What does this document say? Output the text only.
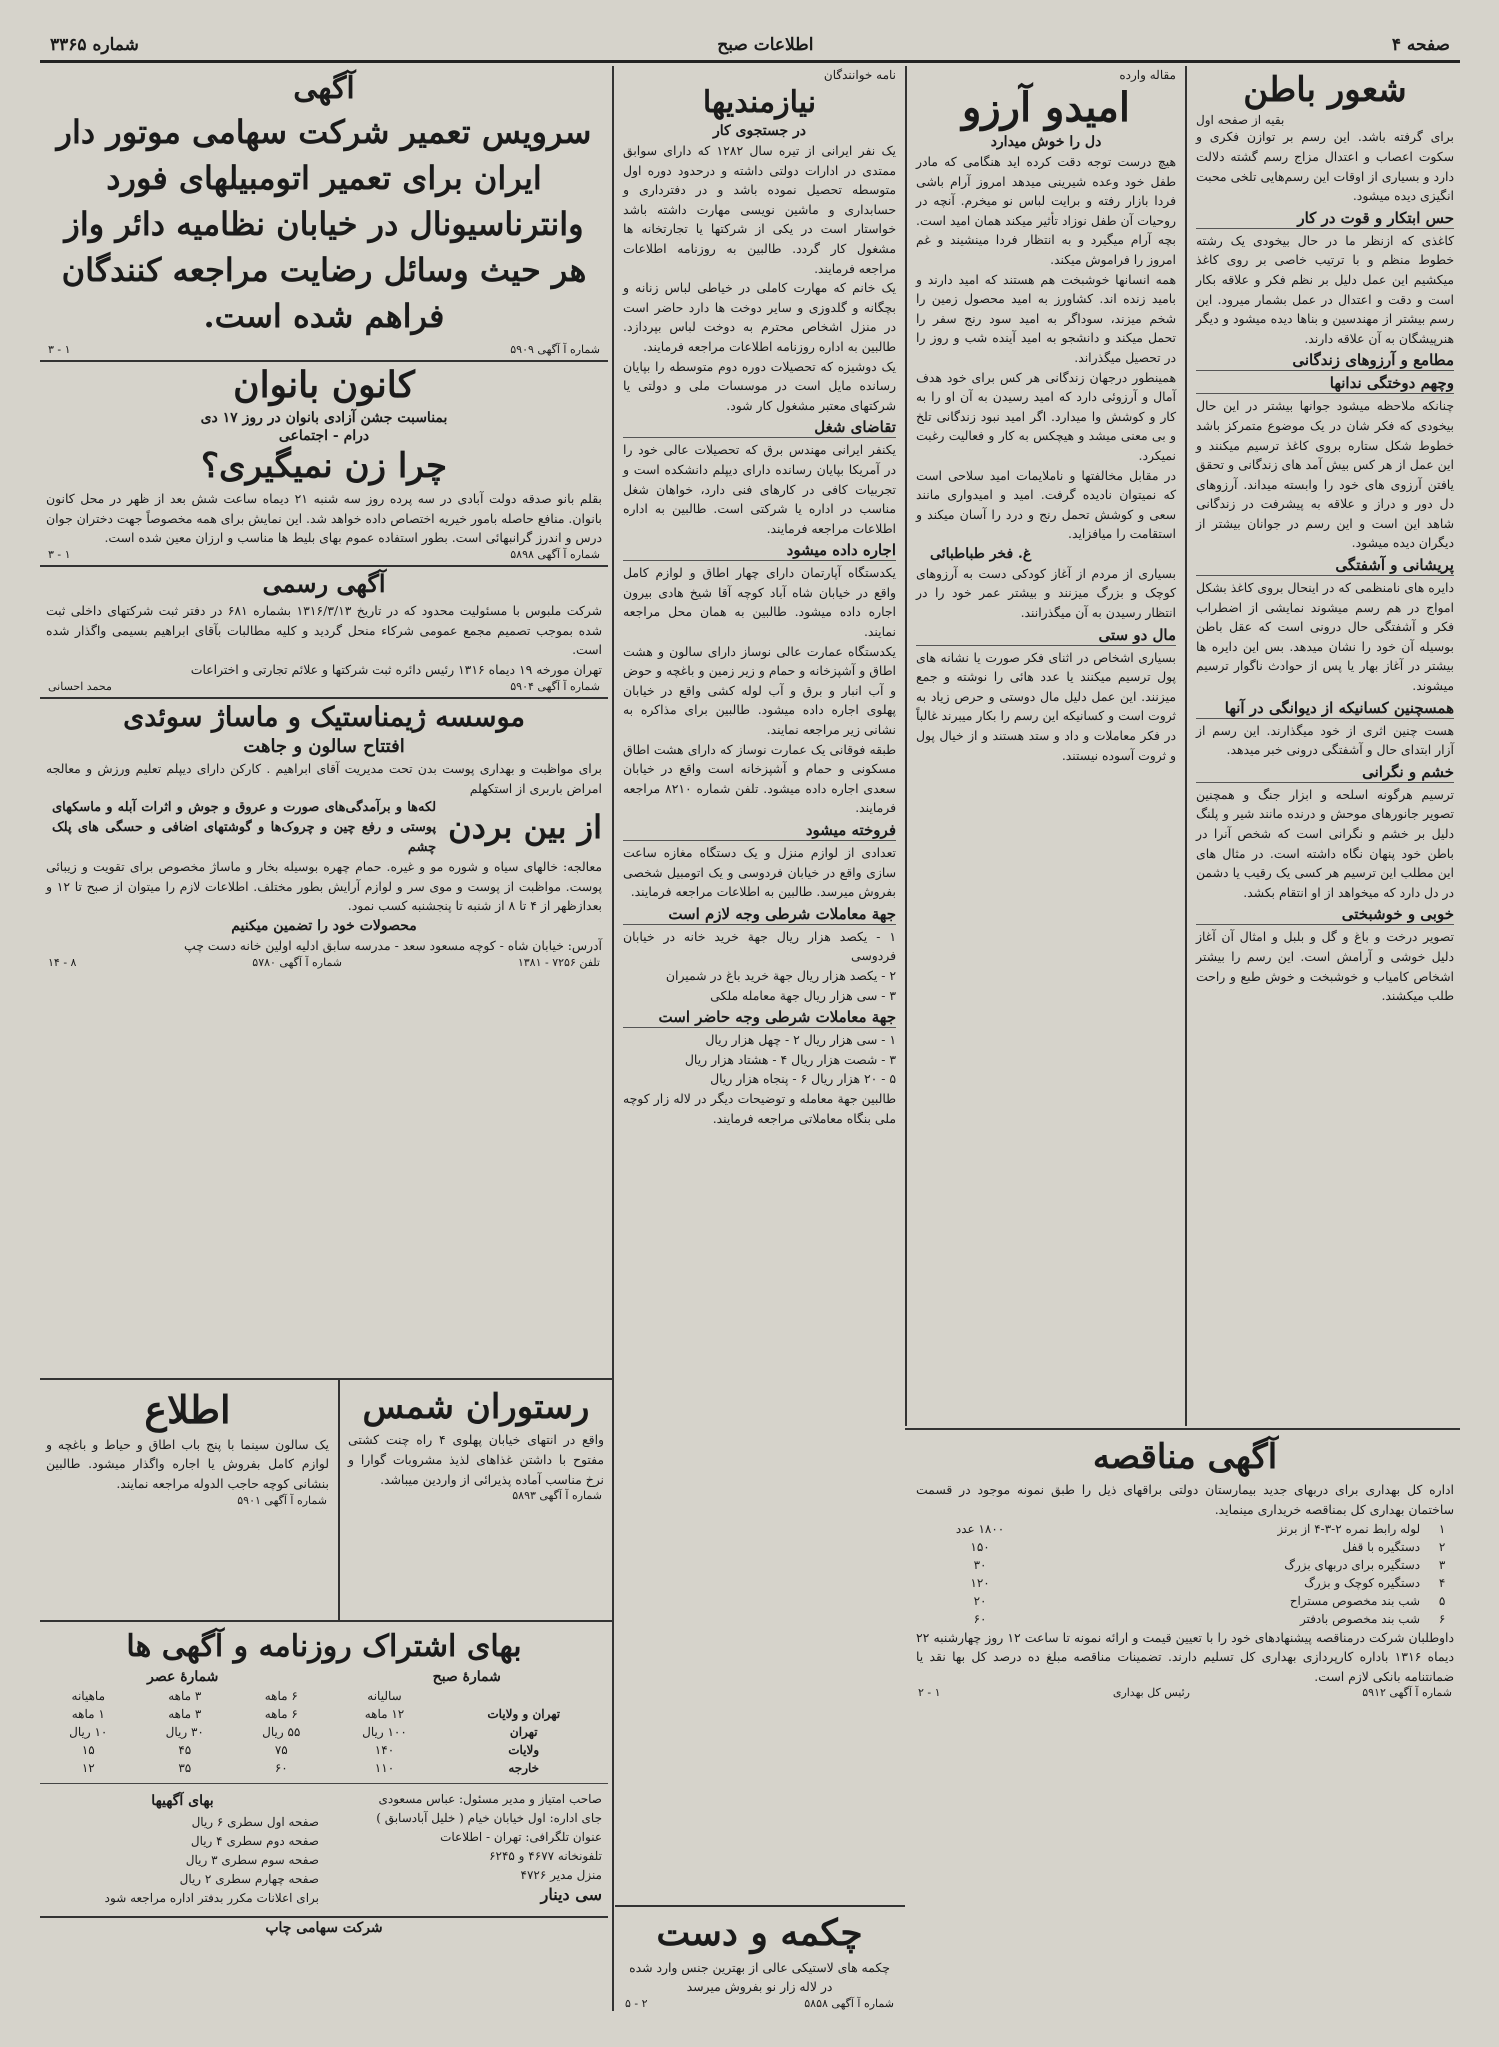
صفحه ۴
اطلاعات صبح
شماره ۳۳۶۵
شعور باطن
بقیه از صفحه اول

برای گرفته باشد. این رسم بر توازن فکری و سکوت اعصاب و اعتدال مزاج رسم گشته دلالت دارد و بسیاری از اوقات این رسم‌هایی تلخی محبت انگیزی دیده میشود.

حس ابتکار و قوت در کار

کاغذی که ازنظر ما در حال بیخودی یک رشته خطوط منظم و با ترتیب خاصی بر روی کاغذ میکشیم این عمل دلیل بر نظم فکر و علاقه بکار است و دقت و اعتدال در عمل بشمار میرود. این رسم بیشتر از مهندسین و بناها دیده میشود و دیگر هنرپیشگان به آن علاقه دارند.

مطامع و آرزوهای زندگانی
وچهم دوختگی ندانها

چنانکه ملاحظه میشود جوانها بیشتر در این حال بیخودی که فکر شان در یک موضوع متمرکز باشد خطوط شکل ستاره بروی کاغذ ترسیم میکنند و این عمل از هر کس بیش آمد های زندگانی و تحقق یافتن آرزوی های خود را وابسته میداند. آرزوهای دل دور و دراز و علاقه به پیشرفت در زندگانی شاهد این است و این رسم در جوانان بیشتر از دیگران دیده میشود.

پریشانی و آشفتگی

دایره های نامنظمی که در اینحال بروی کاغذ بشکل امواج در هم رسم میشوند نمایشی از اضطراب فکر و آشفتگی حال درونی است که عقل باطن بوسیله آن خود را نشان میدهد. بس این دایره ها بیشتر در آغاز بهار یا پس از حوادث ناگوار ترسیم میشوند.

همسچنین کسانیکه از دیوانگی در آنها

هست چنین اثری از خود میگذارند. این رسم از آزار ابتدای حال و آشفتگی درونی خبر میدهد.

خشم و نگرانی

ترسیم هرگونه اسلحه و ابزار جنگ و همچنین تصویر جانورهای موحش و درنده مانند شیر و پلنگ دلیل بر خشم و نگرانی است که شخص آنرا در باطن خود پنهان نگاه داشته است. در مثال های این مطلب این ترسیم هر کسی یک رقیب یا دشمن در دل دارد که میخواهد از او انتقام بکشد.

خوبی و خوشبختی

تصویر درخت و باغ و گل و بلبل و امثال آن آغاز دلیل خوشی و آرامش است. این رسم را بیشتر اشخاص کامیاب و خوشبخت و خوش طبع و راحت طلب میکشند.

مقاله وارده
امیدو آرزو
دل را خوش میدارد

هیچ درست توجه دقت کرده اید هنگامی که مادر طفل خود وعده شیرینی میدهد امروز آرام باشی فردا بازار رفته و برایت لباس نو میخرم. آنچه در روحیات آن طفل نوزاد تأثیر میکند همان امید است. بچه آرام میگیرد و به انتظار فردا مینشیند و غم امروز را فراموش میکند.

همه انسانها خوشبخت هم هستند که امید دارند و بامید زنده اند. کشاورز به امید محصول زمین را شخم میزند، سوداگر به امید سود رنج سفر را تحمل میکند و دانشجو به امید آینده شب و روز را در تحصیل میگذراند.

همینطور درجهان زندگانی هر کس برای خود هدف آمال و آرزوئی دارد که امید رسیدن به آن او را به کار و کوشش وا میدارد. اگر امید نبود زندگانی تلخ و بی معنی میشد و هیچکس به کار و فعالیت رغبت نمیکرد.

در مقابل مخالفتها و ناملایمات امید سلاحی است که نمیتوان نادیده گرفت. امید و امیدواری مانند سعی و کوشش تحمل رنج و درد را آسان میکند و استقامت را میافزاید.

غ. فخر طباطبائی

بسیاری از مردم از آغاز کودکی دست به آرزوهای کوچک و بزرگ میزنند و بیشتر عمر خود را در انتظار رسیدن به آن میگذرانند.

مال دو ستی

بسیاری اشخاص در اثنای فکر صورت یا نشانه های پول ترسیم میکنند یا عدد هائی را نوشته و جمع میزنند. این عمل دلیل مال دوستی و حرص زیاد به ثروت است و کسانیکه این رسم را بکار میبرند غالباً در فکر معاملات و داد و ستد هستند و از خیال پول و ثروت آسوده نیستند.

آگهی مناقصه

اداره کل بهداری برای دربهای جدید بیمارستان دولتی براقهای ذیل را طبق نمونه موجود در قسمت ساختمان بهداری کل بمناقصه خریداری مینماید.

۱	لوله رابط نمره ۲-۳-۴ از برنز	۱۸۰۰ عدد
۲	دستگیره با قفل	۱۵۰
۳	دستگیره برای دربهای بزرگ	۳۰
۴	دستگیره کوچک و بزرگ	۱۲۰
۵	شب بند مخصوص مستراح	۲۰
۶	شب بند مخصوص بادفتر	۶۰

داوطلبان شرکت درمناقصه پیشنهادهای خود را با تعیین قیمت و ارائه نمونه تا ساعت ۱۲ روز چهارشنبه ۲۲ دیماه ۱۳۱۶ باداره کارپردازی بهداری کل تسلیم دارند. تضمینات مناقصه مبلغ ده درصد کل بها نقد یا ضمانتنامه بانکی لازم است.

شماره آ آگهی ۵۹۱۲
رئیس کل بهداری
۱ - ۲
نامه خوانندگان
نیازمندیها
در جستجوی کار

یک نفر ایرانی از تیره سال ۱۲۸۲ که دارای سوابق ممتدی در ادارات دولتی داشته و درحدود دوره اول متوسطه تحصیل نموده باشد و در دفترداری و حسابداری و ماشین نویسی مهارت داشته باشد خواستار است در یکی از شرکتها یا تجارتخانه ها مشغول کار گردد. طالبین به روزنامه اطلاعات مراجعه فرمایند.

یک خانم که مهارت کاملی در خیاطی لباس زنانه و بچگانه و گلدوزی و سایر دوخت ها دارد حاضر است در منزل اشخاص محترم به دوخت لباس بپردازد. طالبین به اداره روزنامه اطلاعات مراجعه فرمایند.

یک دوشیزه که تحصیلات دوره دوم متوسطه را بپایان رسانده مایل است در موسسات ملی و دولتی یا شرکتهای معتبر مشغول کار شود.

تقاضای شغل

یکنفر ایرانی مهندس برق که تحصیلات عالی خود را در آمریکا بپایان رسانده دارای دیپلم دانشکده است و تجربیات کافی در کارهای فنی دارد، خواهان شغل مناسب در اداره یا شرکتی است. طالبین به اداره اطلاعات مراجعه فرمایند.

اجاره داده میشود

یکدستگاه آپارتمان دارای چهار اطاق و لوازم کامل واقع در خیابان شاه آباد کوچه آقا شیخ هادی بیرون اجاره داده میشود. طالبین به همان محل مراجعه نمایند.

یکدستگاه عمارت عالی نوساز دارای سالون و هشت اطاق و آشپزخانه و حمام و زیر زمین و باغچه و حوض و آب انبار و برق و آب لوله کشی واقع در خیابان پهلوی اجاره داده میشود. طالبین برای مذاکره به نشانی زیر مراجعه نمایند.

طبقه فوقانی یک عمارت نوساز که دارای هشت اطاق مسکونی و حمام و آشپزخانه است واقع در خیابان سعدی اجاره داده میشود. تلفن شماره ۸۲۱۰ مراجعه فرمایند.

فروخته میشود

تعدادی از لوازم منزل و یک دستگاه مغازه ساعت سازی واقع در خیابان فردوسی و یک اتومبیل شخصی بفروش میرسد. طالبین به اطلاعات مراجعه فرمایند.

جهة معاملات شرطی وجه لازم است

۱ - یکصد هزار ریال جهة خرید خانه در خیابان فردوسی

۲ - یکصد هزار ریال جهة خرید باغ در شمیران

۳ - سی هزار ریال جهة معامله ملکی

جهة معاملات شرطی وجه حاضر است

۱ - سی هزار ریال ۲ - چهل هزار ریال

۳ - شصت هزار ریال ۴ - هشتاد هزار ریال

۵ - ۲۰ هزار ریال ۶ - پنجاه هزار ریال

طالبین جهة معامله و توضیحات دیگر در لاله زار کوچه ملی بنگاه معاملاتی مراجعه فرمایند.

چکمه و دست

چکمه های لاستیکی عالی از بهترین جنس وارد شده در لاله زار نو بفروش میرسد

شماره آ آگهی ۵۸۵۸
۲ - ۵
آگهی
سرویس تعمیر شرکت سهامی موتور دار ایران برای تعمیر اتومبیلهای فورد وانترناسیونال در خیابان نظامیه دائر واز هر حیث وسائل رضایت مراجعه کنندگان فراهم شده است.
شماره آ آگهی ۵۹۰۹
۱ - ۳
کانون بانوان
بمناسبت جشن آزادی بانوان در روز ۱۷ دی
درام - اجتماعی
چرا زن نمیگیری؟

بقلم بانو صدقه دولت آبادی در سه پرده روز سه شنبه ۲۱ دیماه ساعت شش بعد از ظهر در محل کانون بانوان. منافع حاصله بامور خیریه اختصاص داده خواهد شد. این نمایش برای همه مخصوصاً جهت دختران جوان درس و اندرز گرانبهائی است. بطور استفاده عموم بهای بلیط ها مناسب و ارزان معین شده است.

شماره آ آگهی ۵۸۹۸
۱ - ۳
آگهی رسمی

شرکت ملبوس با مسئولیت محدود که در تاریخ ۱۳۱۶/۳/۱۳ بشماره ۶۸۱ در دفتر ثبت شرکتهای داخلی ثبت شده بموجب تصمیم مجمع عمومی شرکاء منحل گردید و کلیه مطالبات بآقای ابراهیم بسیمی واگذار شده است.

تهران مورخه ۱۹ دیماه ۱۳۱۶ رئیس دائره ثبت شرکتها و علائم تجارتی و اختراعات

شماره آ آگهی ۵۹۰۴
محمد احسانی
موسسه ژیمناستیک و ماساژ سوئدی
افتتاح سالون و جاهت

برای مواظبت و بهداری پوست بدن تحت مدیریت آقای ابراهیم . کارکن دارای دیپلم تعلیم ورزش و معالجه امراض باربری از استکهلم

از بین بردن

لکه‌ها و برآمدگی‌های صورت و عروق و جوش و اثرات آبله و ماسکهای پوستی و رفع چین و چروک‌ها و گوشتهای اضافی و حسگی های پلک چشم

معالجه: خالهای سیاه و شوره مو و غیره. حمام چهره بوسیله بخار و ماساژ مخصوص برای تقویت و زیبائی پوست. مواظبت از پوست و موی سر و لوازم آرایش بطور مختلف. اطلاعات لازم را میتوان از صبح تا ۱۲ و بعدازظهر از ۴ تا ۸ از شنبه تا پنجشنبه کسب نمود.

محصولات خود را تضمین میکنیم

آدرس: خیابان شاه - کوچه مسعود سعد - مدرسه سابق ادلیه اولین خانه دست چپ

تلفن ۷۲۵۶ - ۱۳۸۱
شماره آ آگهی ۵۷۸۰
۸ - ۱۴
رستوران شمس

واقع در انتهای خیابان پهلوی ۴ راه چنت کشتی مفتوح با داشتن غذاهای لذیذ مشروبات گوارا و نرخ مناسب آماده پذیرائی از واردین میباشد.

شماره آ آگهی ۵۸۹۳
اطلاع

یک سالون سینما با پنج باب اطاق و حیاط و باغچه و لوازم کامل بفروش یا اجاره واگذار میشود. طالبین بنشانی کوچه حاجب الدوله مراجعه نمایند.

شماره آ آگهی ۵۹۰۱
بهای اشتراک روزنامه و آگهی ها
شمارهٔ صبح
شمارهٔ عصر
	سالیانه	۶ ماهه	۳ ماهه	ماهیانه
تهران و ولایات	۱۲ ماهه	۶ ماهه	۳ ماهه	۱ ماهه
تهران	۱۰۰ ریال	۵۵ ریال	۳۰ ریال	۱۰ ریال
ولایات	۱۴۰	۷۵	۴۵	۱۵
خارجه	۱۱۰	۶۰	۳۵	۱۲
صاحب امتیاز و مدیر مسئول: عباس مسعودی
جای اداره: اول خیابان خیام ( خلیل آبادسابق )
عنوان تلگرافی: تهران - اطلاعات
تلفونخانه ۴۶۷۷ و ۶۲۴۵
منزل مدیر ۴۷۲۶
سی دینار
بهای آگهیها
صفحه اول سطری ۶ ریال
صفحه دوم سطری ۴ ریال
صفحه سوم سطری ۳ ریال
صفحه چهارم سطری ۲ ریال
برای اعلانات مکرر بدفتر اداره مراجعه شود
شرکت سهامی چاپ
